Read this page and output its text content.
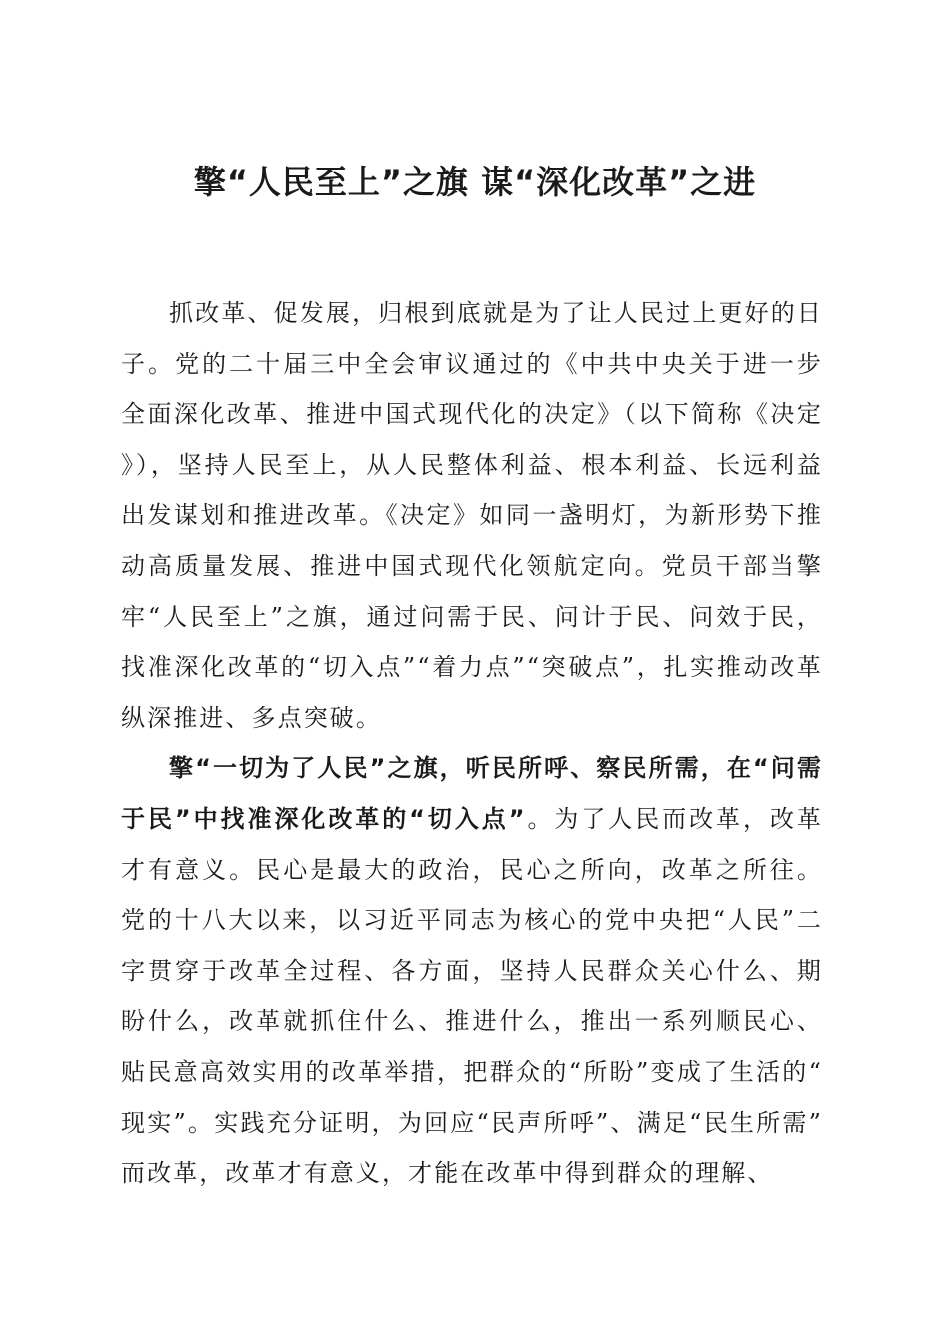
擎“人民至上”之旗 谋“深化改革”之进

抓改革、促发展，归根到底就是为了让人民过上更好的日子。党的二十届三中全会审议通过的《中共中央关于进一步全面深化改革、推进中国式现代化的决定》（以下简称《决定》），坚持人民至上，从人民整体利益、根本利益、长远利益出发谋划和推进改革。《决定》如同一盏明灯，为新形势下推动高质量发展、推进中国式现代化领航定向。党员干部当擎牢“人民至上”之旗，通过问需于民、问计于民、问效于民，找准深化改革的“切入点”“着力点”“突破点”，扎实推动改革纵深推进、多点突破。

擎“一切为了人民”之旗，听民所呼、察民所需，在“问需于民”中找准深化改革的“切入点”。为了人民而改革，改革才有意义。民心是最大的政治，民心之所向，改革之所往。党的十八大以来，以习近平同志为核心的党中央把“人民”二字贯穿于改革全过程、各方面，坚持人民群众关心什么、期盼什么，改革就抓住什么、推进什么，推出一系列顺民心、贴民意高效实用的改革举措，把群众的“所盼”变成了生活的“现实”。实践充分证明，为回应“民声所呼”、满足“民生所需”而改革，改革才有意义，才能在改革中得到群众的理解、
